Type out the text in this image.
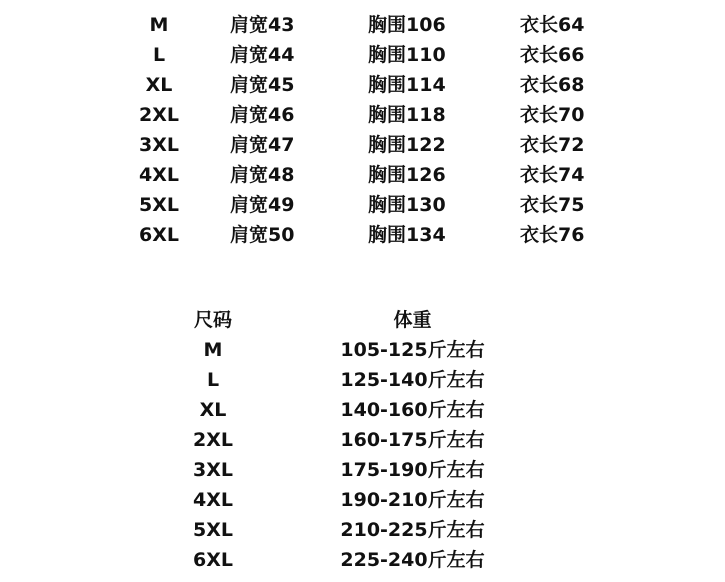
M	肩宽43	胸围106	衣长64
L	肩宽44	胸围110	衣长66
XL	肩宽45	胸围114	衣长68
2XL	肩宽46	胸围118	衣长70
3XL	肩宽47	胸围122	衣长72
4XL	肩宽48	胸围126	衣长74
5XL	肩宽49	胸围130	衣长75
6XL	肩宽50	胸围134	衣长76
尺码	体重
M	105-125斤左右
L	125-140斤左右
XL	140-160斤左右
2XL	160-175斤左右
3XL	175-190斤左右
4XL	190-210斤左右
5XL	210-225斤左右
6XL	225-240斤左右
